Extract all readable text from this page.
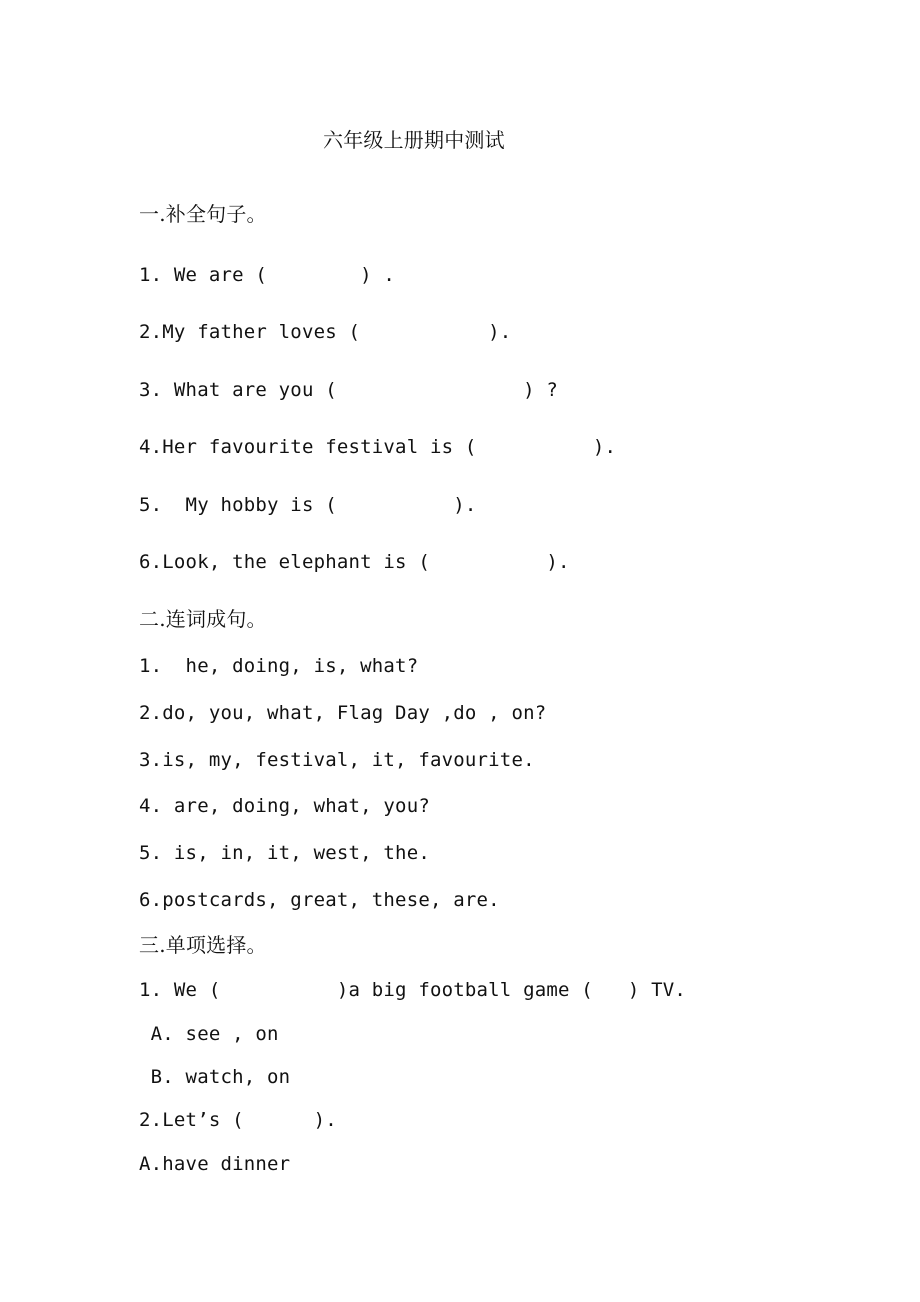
六年级上册期中测试
一.补全句子。
1. We are (        ) .
2.My father loves (           ).
3. What are you (                ) ?
4.Her favourite festival is (          ).
5.  My hobby is (          ).
6.Look, the elephant is (          ).
二.连词成句。
1.  he, doing, is, what?
2.do, you, what, Flag Day ,do , on?
3.is, my, festival, it, favourite.
4. are, doing, what, you?
5. is, in, it, west, the.
6.postcards, great, these, are.
三.单项选择。
1. We (          )a big football game (   ) TV.
A. see , on
B. watch, on
2.Let’s (      ).
A.have dinner
